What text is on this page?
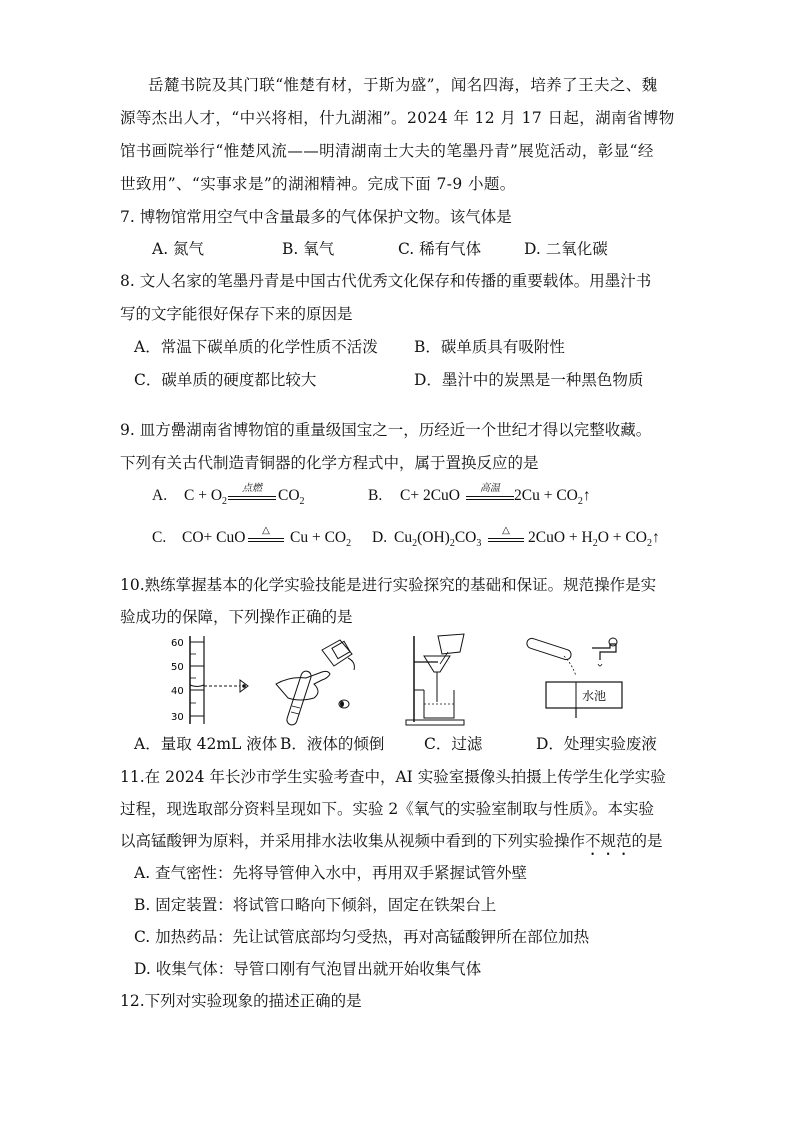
岳麓书院及其门联“惟楚有材，于斯为盛”，闻名四海，培养了王夫之、魏
源等杰出人才，“中兴将相，什九湖湘”。2024 年 12 月 17 日起，湖南省博物
馆书画院举行“惟楚风流——明清湖南士大夫的笔墨丹青”展览活动，彰显“经
世致用”、“实事求是”的湖湘精神。完成下面 7-9 小题。
7. 博物馆常用空气中含量最多的气体保护文物。该气体是
A. 氮气	B. 氧气	C. 稀有气体	D. 二氧化碳
8. 文人名家的笔墨丹青是中国古代优秀文化保存和传播的重要载体。用墨汁书
写的文字能很好保存下来的原因是
A．常温下碳单质的化学性质不活泼 B．碳单质具有吸附性
C．碳单质的硬度都比较大	D．墨汁中的炭黑是一种黑色物质
9. 皿方罍湖南省博物馆的重量级国宝之一，历经近一个世纪才得以完整收藏。
下列有关古代制造青铜器的化学方程式中，属于置换反应的是
A. $C + O_2$
点燃	$CO_2$	B. C+ 2CuO	高温 $2Cu + CO_2↑$
C. CO+ CuO	△	$Cu + CO_2$ D. $Cu_2(OH)_2CO_3$
△	$2CuO + H_2O$ + $CO_2↑$
10.熟练掌握基本的化学实验技能是进行实验探究的基础和保证。规范操作是实
验成功的保障，下列操作正确的是
60
50
40
30
水池
A．量取 42mL 液体 B．液体的倾倒	C．过滤	D．处理实验废液
11.在 2024 年长沙市学生实验考查中，AI 实验室摄像头拍摄上传学生化学实验
过程，现选取部分资料呈现如下。实验 2《氧气的实验室制取与性质》。本实验
以高锰酸钾为原料，并采用排水法收集从视频中看到的下列实验操作不规范的是
A. 查气密性：先将导管伸入水中，再用双手紧握试管外壁
B. 固定装置：将试管口略向下倾斜，固定在铁架台上
C. 加热药品：先让试管底部均匀受热，再对高锰酸钾所在部位加热
D. 收集气体：导管口刚有气泡冒出就开始收集气体
12.下列对实验现象的描述正确的是
